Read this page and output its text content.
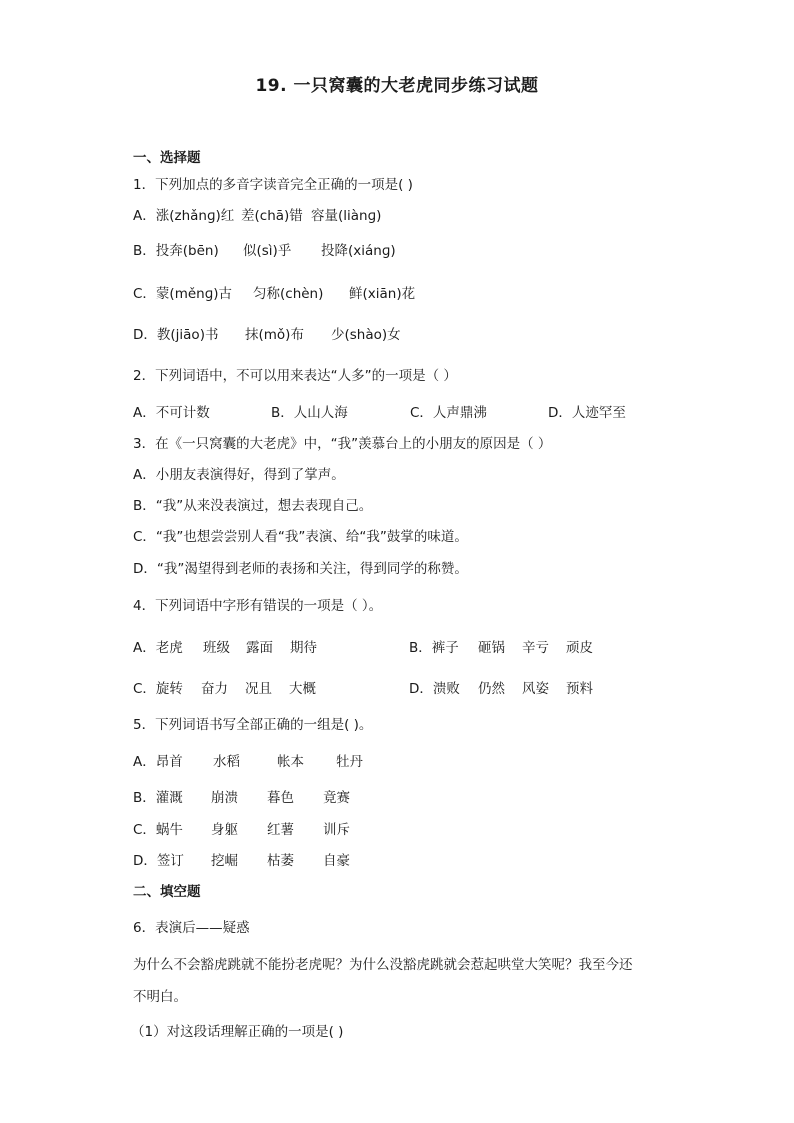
19. 一只窝囊的大老虎同步练习试题
一、选择题
1．下列加点的多音字读音完全正确的一项是( )
A．涨(zhǎnɡ)红 差(chā)错 容量(liànɡ)
B．投奔(bēn) 似(sì)乎 投降(xiánɡ)
C．蒙(měnɡ)古 匀称(chèn) 鲜(xiān)花
D．教(jiāo)书 抹(mǒ)布 少(shào)女
2．下列词语中，不可以用来表达“人多”的一项是（ ）
A．不可计数	B．人山人海	C．人声鼎沸	D．人迹罕至
3．在《一只窝囊的大老虎》中，“我”羡慕台上的小朋友的原因是（ ）
A．小朋友表演得好，得到了掌声。
B．“我”从来没表演过，想去表现自己。
C．“我”也想尝尝别人看“我”表演、给“我”鼓掌的味道。
D．“我”渴望得到老师的表扬和关注，得到同学的称赞。
4．下列词语中字形有错误的一项是（ ）。
A．老虎 班级 露面 期待	B．裤子 砸锅 辛亏 顽皮
C．旋转 奋力 况且 大概	D．溃败 仍然 风姿 预料
5．下列词语书写全部正确的一组是( )。
A．昂首 水稻	帐本 牡丹
B．灌溉 崩溃 暮色 竟赛
C．蜗牛 身躯 红薯 训斥
D．签订 挖崛 枯萎 自豪
二、填空题
6．表演后——疑惑
为什么不会豁虎跳就不能扮老虎呢？为什么没豁虎跳就会惹起哄堂大笑呢？我至今还
不明白。
（1）对这段话理解正确的一项是( )
